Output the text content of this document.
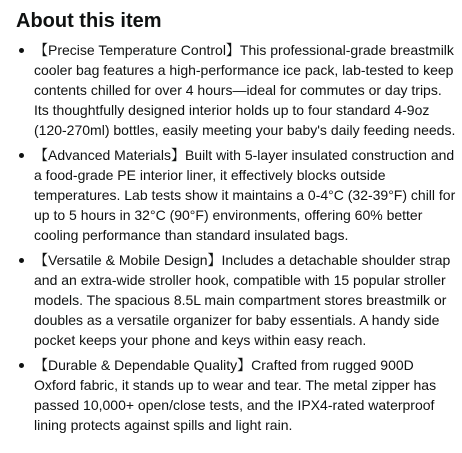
About this item
【Precise Temperature Control】This professional-grade breastmilk cooler bag features a high-performance ice pack, lab-tested to keep contents chilled for over 4 hours—ideal for commutes or day trips. Its thoughtfully designed interior holds up to four standard 4-9oz (120-270ml) bottles, easily meeting your baby's daily feeding needs.
【Advanced Materials】Built with 5-layer insulated construction and a food-grade PE interior liner, it effectively blocks outside temperatures. Lab tests show it maintains a 0-4°C (32-39°F) chill for up to 5 hours in 32°C (90°F) environments, offering 60% better cooling performance than standard insulated bags.
【Versatile & Mobile Design】Includes a detachable shoulder strap and an extra-wide stroller hook, compatible with 15 popular stroller models. The spacious 8.5L main compartment stores breastmilk or doubles as a versatile organizer for baby essentials. A handy side pocket keeps your phone and keys within easy reach.
【Durable & Dependable Quality】Crafted from rugged 900D Oxford fabric, it stands up to wear and tear. The metal zipper has passed 10,000+ open/close tests, and the IPX4-rated waterproof lining protects against spills and light rain.
